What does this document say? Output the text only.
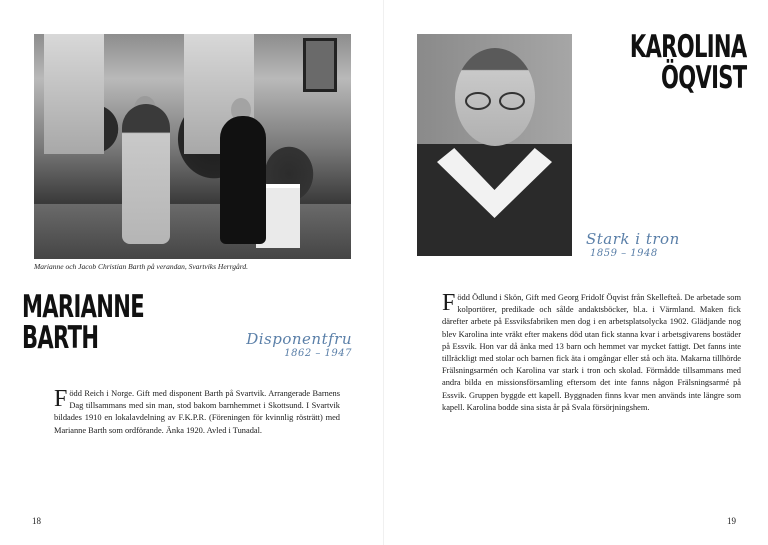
Marianne och Jacob Christian Barth på verandan, Svartviks Herrgård.

MARIANNE
BARTH	Disponentfru
1862 – 1947

Född Reich i Norge. Gift med disponent Barth på Svartvik. Arrangerade Barnens Dag tillsammans med sin man, stod bakom barnhemmet i Skottsund. I Svartvik bildades 1910 en lokalavdelning av F.K.P.R. (Föreningen för kvinnlig rösträtt) med Marianne Barth som ordförande. Änka 1920. Avled i Tunadal.

18

KAROLINA
ÖQVIST

Stark i tron
1859 – 1948

Född Ödlund i Skön, Gift med Georg Fridolf Öqvist från Skellefteå. De arbetade som kolportörer, predikade och sålde andaktsböcker, bl.a. i Värmland. Maken fick därefter arbete på Essviksfabriken men dog i en arbetsplatsolycka 1902. Glädjande nog blev Karolina inte vräkt efter makens död utan fick stanna kvar i arbetsgivarens bostäder på Essvik. Hon var då änka med 13 barn och hemmet var mycket fattigt. Det fanns inte tillräckligt med stolar och barnen fick äta i omgångar eller stå och äta. Makarna tillhörde Frälsningsarmén och Karolina var stark i tron och skolad. Förmådde tillsammans med andra bilda en missionsförsamling eftersom det inte fanns någon Frälsningsarmé på Essvik. Gruppen byggde ett kapell. Byggnaden finns kvar men används inte längre som kapell. Karolina bodde sina sista år på Svala försörjningshem.

19
